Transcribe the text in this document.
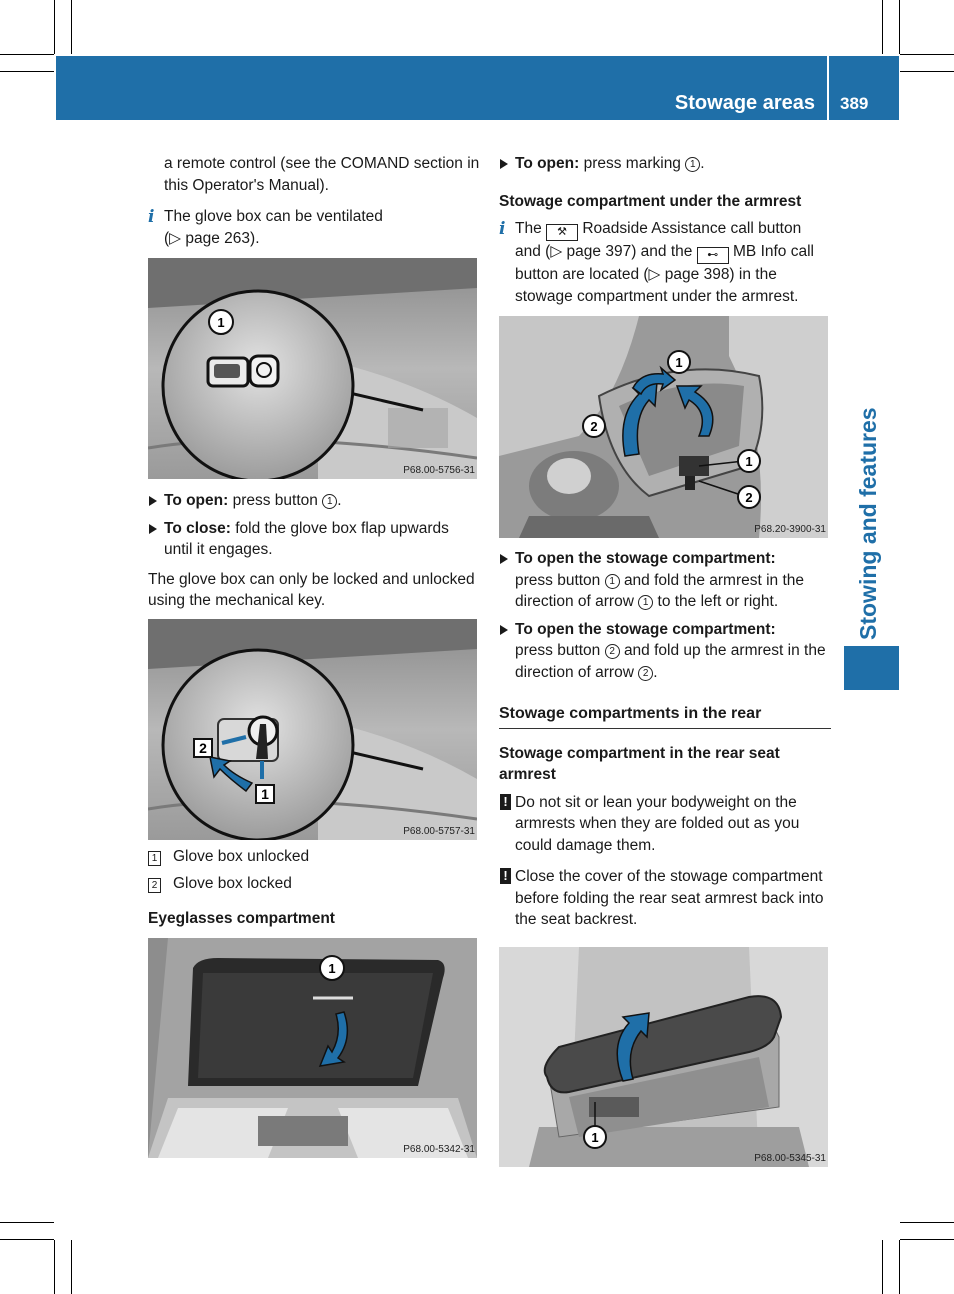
Stowage areas 389
Stowing and features

a remote control (see the COMAND section in this Operator's Manual).

i The glove box can be ventilated
(▷ page 263).
1
P68.00-5756-31
To open: press button 1 .
To close: fold the glove box flap upwards until it engages.

The glove box can only be locked and unlocked using the mechanical key.

2
1
P68.00-5757-31
1 Glove box unlocked
2 Glove box locked

Eyeglasses compartment

1
P68.00-5342-31
To open: press marking 1 .

Stowage compartment under the armrest

i The ⚒ Roadside Assistance call button and (▷ page 397) and the ⊷ MB Info call button are located (▷ page 398) in the stowage compartment under the armrest.
1
2
1
2
P68.20-3900-31
To open the stowage compartment:
press button 1 and fold the armrest in the direction of arrow 1 to the left or right.
To open the stowage compartment:
press button 2 and fold up the armrest in the direction of arrow 2 .

Stowage compartments in the rear

Stowage compartment in the rear seat armrest

! Do not sit or lean your bodyweight on the armrests when they are folded out as you could damage them.
! Close the cover of the stowage compartment before folding the rear seat armrest back into the seat backrest.
1
P68.00-5345-31
